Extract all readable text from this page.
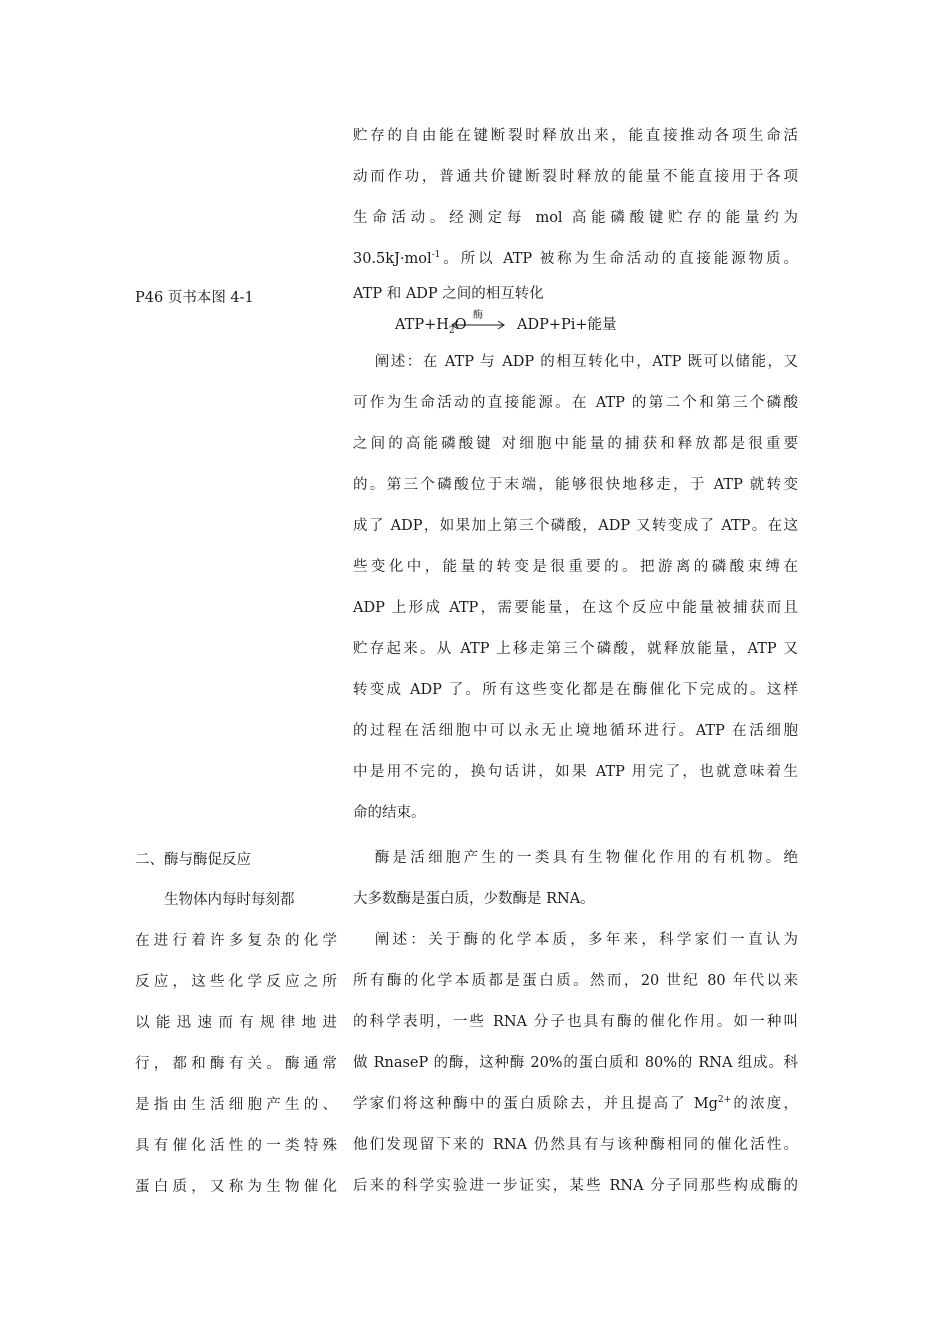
P46 页书本图 4-1
二、酶与酶促反应
生物体内每时每刻都
在进行着许多复杂的化学
反应，这些化学反应之所
以能迅速而有规律地进
行，都和酶有关。酶通常
是指由生活细胞产生的、
具有催化活性的一类特殊
蛋白质，又称为生物催化
贮存的自由能在键断裂时释放出来，能直接推动各项生命活
动而作功，普通共价键断裂时释放的能量不能直接用于各项
生命活动。经测定每 mol 高能磷酸键贮存的能量约为
30.5kJ·mol$^{-1}$。所以 ATP 被称为生命活动的直接能源物质。
ATP 和 ADP 之间的相互转化
$ATP+H_2O$
酶
ADP+Pi+能量
阐述：在 ATP 与 ADP 的相互转化中，ATP 既可以储能，又
可作为生命活动的直接能源。在 ATP 的第二个和第三个磷酸
之间的高能磷酸键 对细胞中能量的捕获和释放都是很重要
的。第三个磷酸位于末端，能够很快地移走，于 ATP 就转变
成了 ADP，如果加上第三个磷酸，ADP 又转变成了 ATP。在这
些变化中，能量的转变是很重要的。把游离的磷酸束缚在
ADP 上形成 ATP，需要能量，在这个反应中能量被捕获而且
贮存起来。从 ATP 上移走第三个磷酸，就释放能量，ATP 又
转变成 ADP 了。所有这些变化都是在酶催化下完成的。这样
的过程在活细胞中可以永无止境地循环进行。ATP 在活细胞
中是用不完的，换句话讲，如果 ATP 用完了，也就意味着生
命的结束。
酶是活细胞产生的一类具有生物催化作用的有机物。绝
大多数酶是蛋白质，少数酶是 RNA。
阐述：关于酶的化学本质，多年来，科学家们一直认为
所有酶的化学本质都是蛋白质。然而，20 世纪 80 年代以来
的科学表明，一些 RNA 分子也具有酶的催化作用。如一种叫
做 RnaseP 的酶，这种酶 20%的蛋白质和 80%的 RNA 组成。科
学家们将这种酶中的蛋白质除去，并且提高了 $Mg^{2+}$的浓度，
他们发现留下来的 RNA 仍然具有与该种酶相同的催化活性。
后来的科学实验进一步证实，某些 RNA 分子同那些构成酶的
